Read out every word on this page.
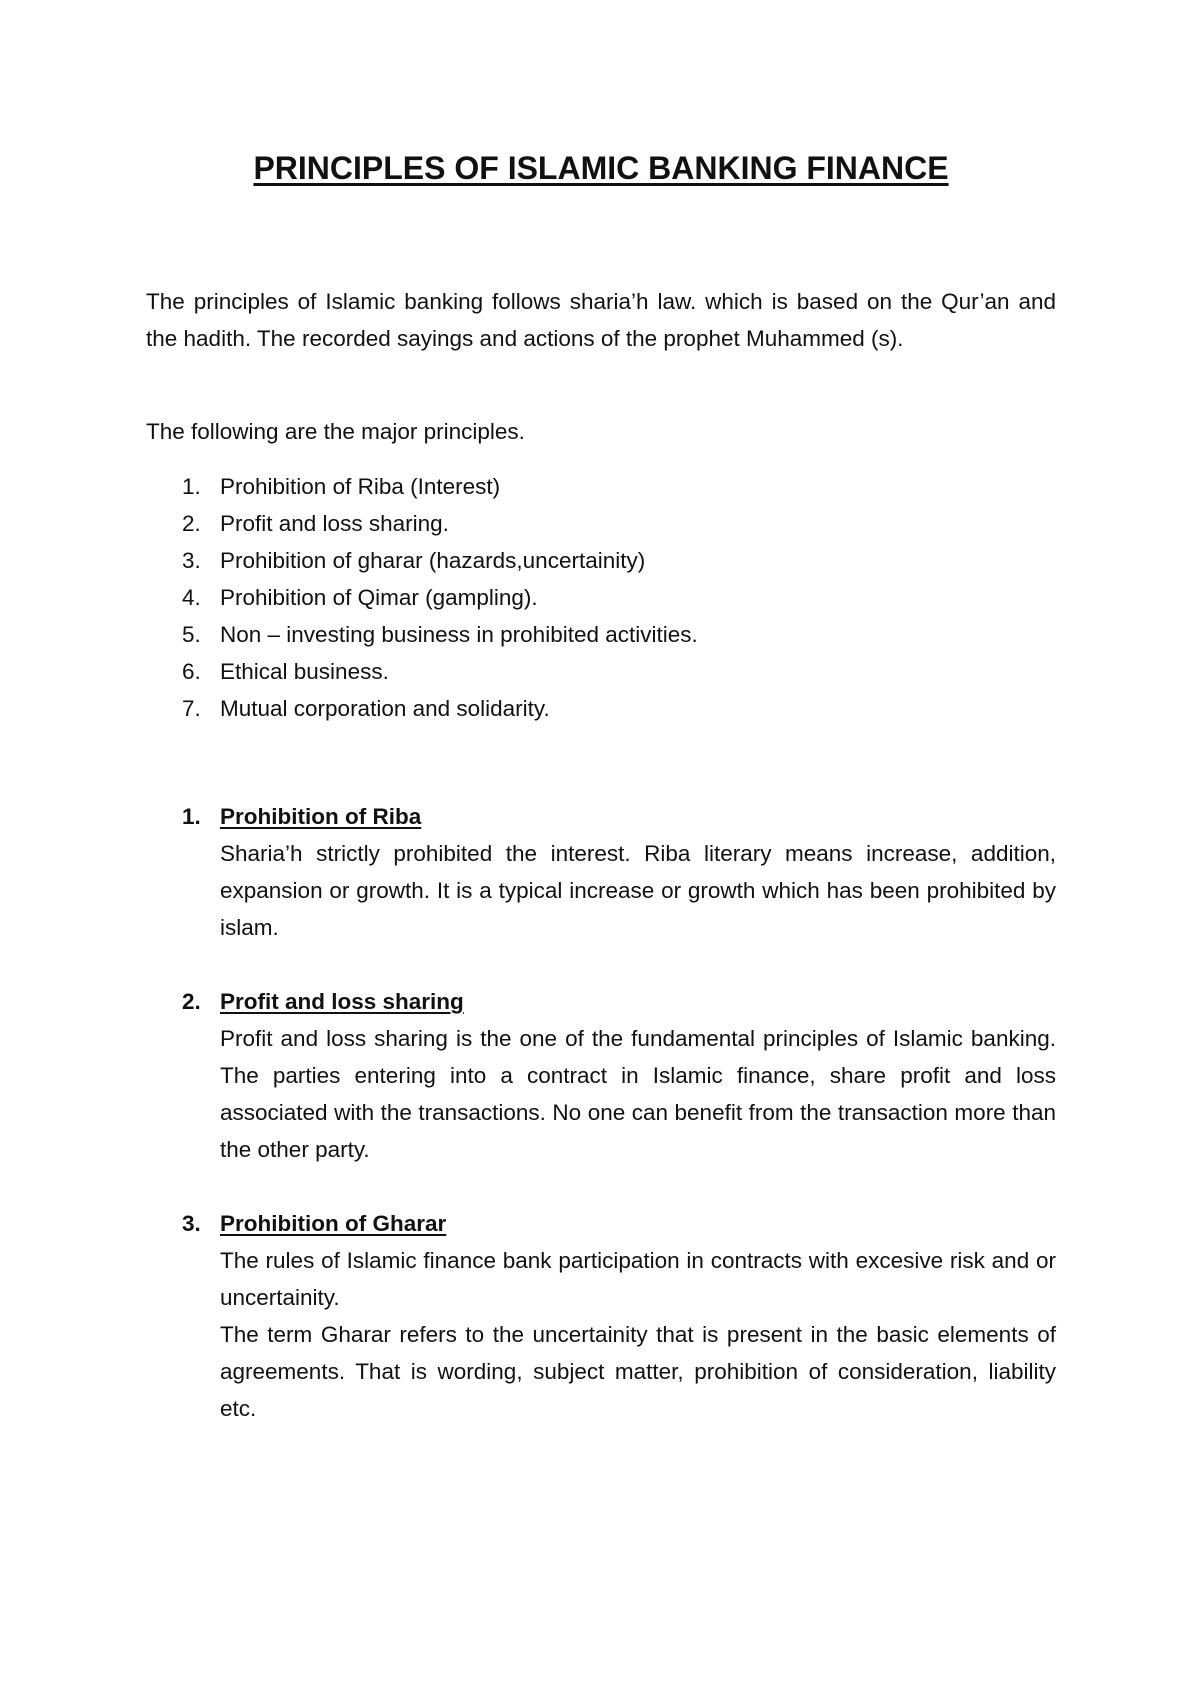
PRINCIPLES OF ISLAMIC BANKING FINANCE

The principles of Islamic banking follows sharia’h law. which is based on the Qur’an and the hadith. The recorded sayings and actions of the prophet Muhammed (s).

The following are the major principles.

1. Prohibition of Riba (Interest)
2. Profit and loss sharing.
3. Prohibition of gharar (hazards,uncertainity)
4. Prohibition of Qimar (gampling).
5. Non – investing business in prohibited activities.
6. Ethical business.
7. Mutual corporation and solidarity.
1. Prohibition of Riba

Sharia’h strictly prohibited the interest. Riba literary means increase, addition, expansion or growth. It is a typical increase or growth which has been prohibited by islam.

2. Profit and loss sharing

Profit and loss sharing is the one of the fundamental principles of Islamic banking. The parties entering into a contract in Islamic finance, share profit and loss associated with the transactions. No one can benefit from the transaction more than the other party.

3. Prohibition of Gharar

The rules of Islamic finance bank participation in contracts with excesive risk and or uncertainity.

The term Gharar refers to the uncertainity that is present in the basic elements of agreements. That is wording, subject matter, prohibition of consideration, liability etc.
